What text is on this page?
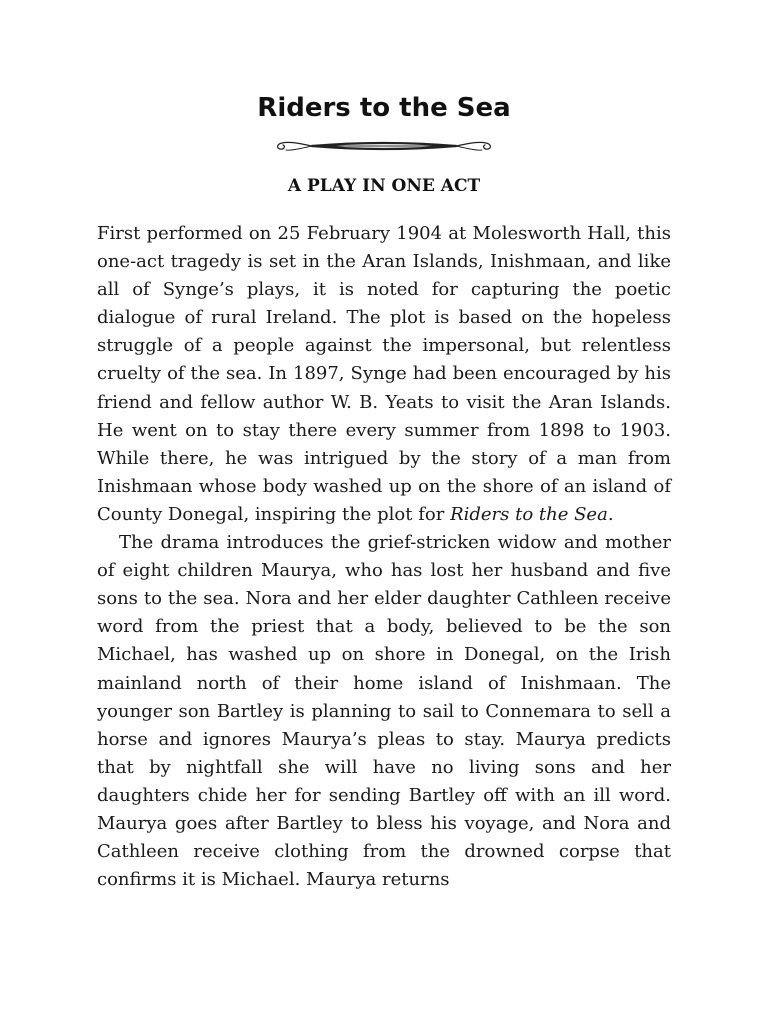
Riders to the Sea
A PLAY IN ONE ACT

First performed on 25 February 1904 at Molesworth Hall, this one-act tragedy is set in the Aran Islands, Inishmaan, and like all of Synge’s plays, it is noted for capturing the poetic dialogue of rural Ireland. The plot is based on the hopeless struggle of a people against the impersonal, but relentless cruelty of the sea. In 1897, Synge had been encouraged by his friend and fellow author W. B. Yeats to visit the Aran Islands. He went on to stay there every summer from 1898 to 1903. While there, he was intrigued by the story of a man from Inishmaan whose body washed up on the shore of an island of County Donegal, inspiring the plot for Riders to the Sea.

The drama introduces the grief-stricken widow and mother of eight children Maurya, who has lost her husband and five sons to the sea. Nora and her elder daughter Cathleen receive word from the priest that a body, believed to be the son Michael, has washed up on shore in Donegal, on the Irish mainland north of their home island of Inishmaan. The younger son Bartley is planning to sail to Connemara to sell a horse and ignores Maurya’s pleas to stay. Maurya predicts that by nightfall she will have no living sons and her daughters chide her for sending Bartley off with an ill word. Maurya goes after Bartley to bless his voyage, and Nora and Cathleen receive clothing from the drowned corpse that confirms it is Michael. Maurya returns
